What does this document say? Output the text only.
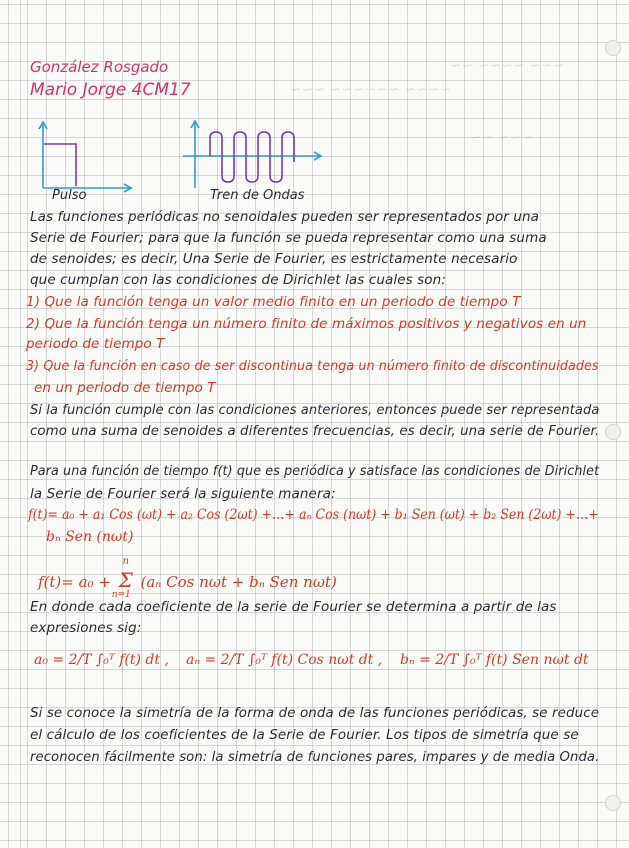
~~~ ~~~~ ~~
~~~~ ~~~~~~ ~~~
~~~ ~~
González Rosgado
Mario Jorge 4CM17
Pulso	Tren de Ondas
Las funciones periódicas no senoidales pueden ser representados por una
Serie de Fourier; para que la función se pueda representar como una suma
de senoides; es decir, Una Serie de Fourier, es estrictamente necesario
que cumplan con las condiciones de Dirichlet las cuales son:
1) Que la función tenga un valor medio finito en un periodo de tiempo T
2) Que la función tenga un número finito de máximos positivos y negativos en un
periodo de tiempo T
3) Que la función en caso de ser discontinua tenga un número finito de discontinuidades
en un periodo de tiempo T
Si la función cumple con las condiciones anteriores, entonces puede ser representada
como una suma de senoides a diferentes frecuencias, es decir, una serie de Fourier.
Para una función de tiempo f(t) que es periódica y satisface las condiciones de Dirichlet
la Serie de Fourier será la siguiente manera:
f(t)= a₀ + a₁ Cos (ωt) + a₂ Cos (2ωt) +…+ aₙ Cos (nωt) + b₁ Sen (ωt) + b₂ Sen (2ωt) +…+
bₙ Sen (nωt)
f(t)= a₀ +
n
Σ
n=1
(aₙ Cos nωt + bₙ Sen nωt)
En donde cada coeficiente de la serie de Fourier se determina a partir de las
expresiones sig:
a₀ = 2/T ∫₀ᵀ f(t) dt , aₙ = 2/T ∫₀ᵀ f(t) Cos nωt dt , bₙ = 2/T ∫₀ᵀ f(t) Sen nωt dt
Si se conoce la simetría de la forma de onda de las funciones periódicas, se reduce
el cálculo de los coeficientes de la Serie de Fourier. Los tipos de simetría que se
reconocen fácilmente son: la simetría de funciones pares, impares y de media Onda.
